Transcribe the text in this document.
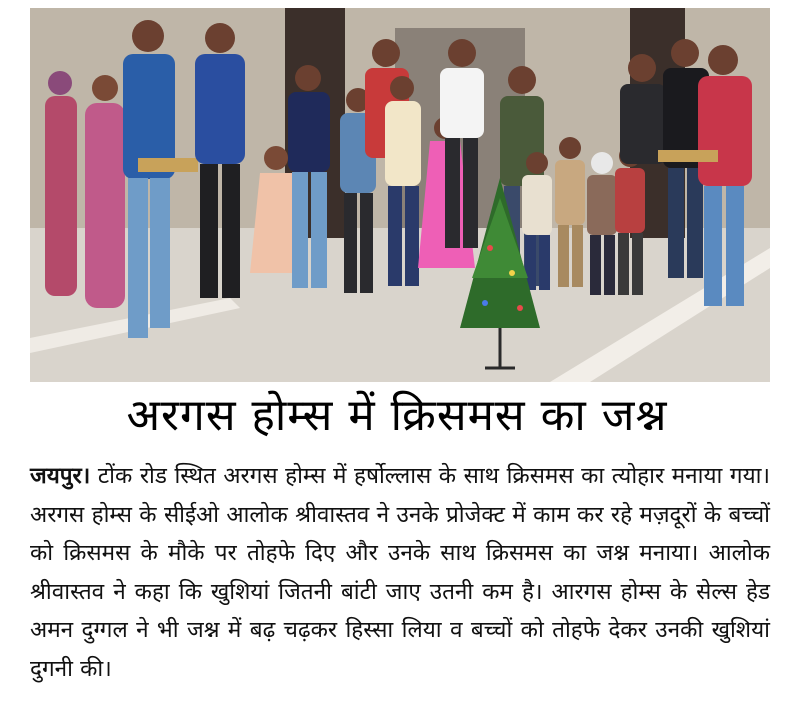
अरगस होम्स में क्रिसमस का जश्न

जयपुर। टोंक रोड स्थित अरगस होम्स में हर्षोल्लास के साथ क्रिसमस का त्योहार मनाया गया। अरगस होम्स के सीईओ आलोक श्रीवास्तव ने उनके प्रोजेक्ट में काम कर रहे मज़दूरों के बच्चों को क्रिसमस के मौके पर तोहफे दिए और उनके साथ क्रिसमस का जश्न मनाया। आलोक श्रीवास्तव ने कहा कि खुशियां जितनी बांटी जाए उतनी कम है। आरगस होम्स के सेल्स हेड अमन दुग्गल ने भी जश्न में बढ़ चढ़कर हिस्सा लिया व बच्चों को तोहफे देकर उनकी खुशियां दुगनी की।
